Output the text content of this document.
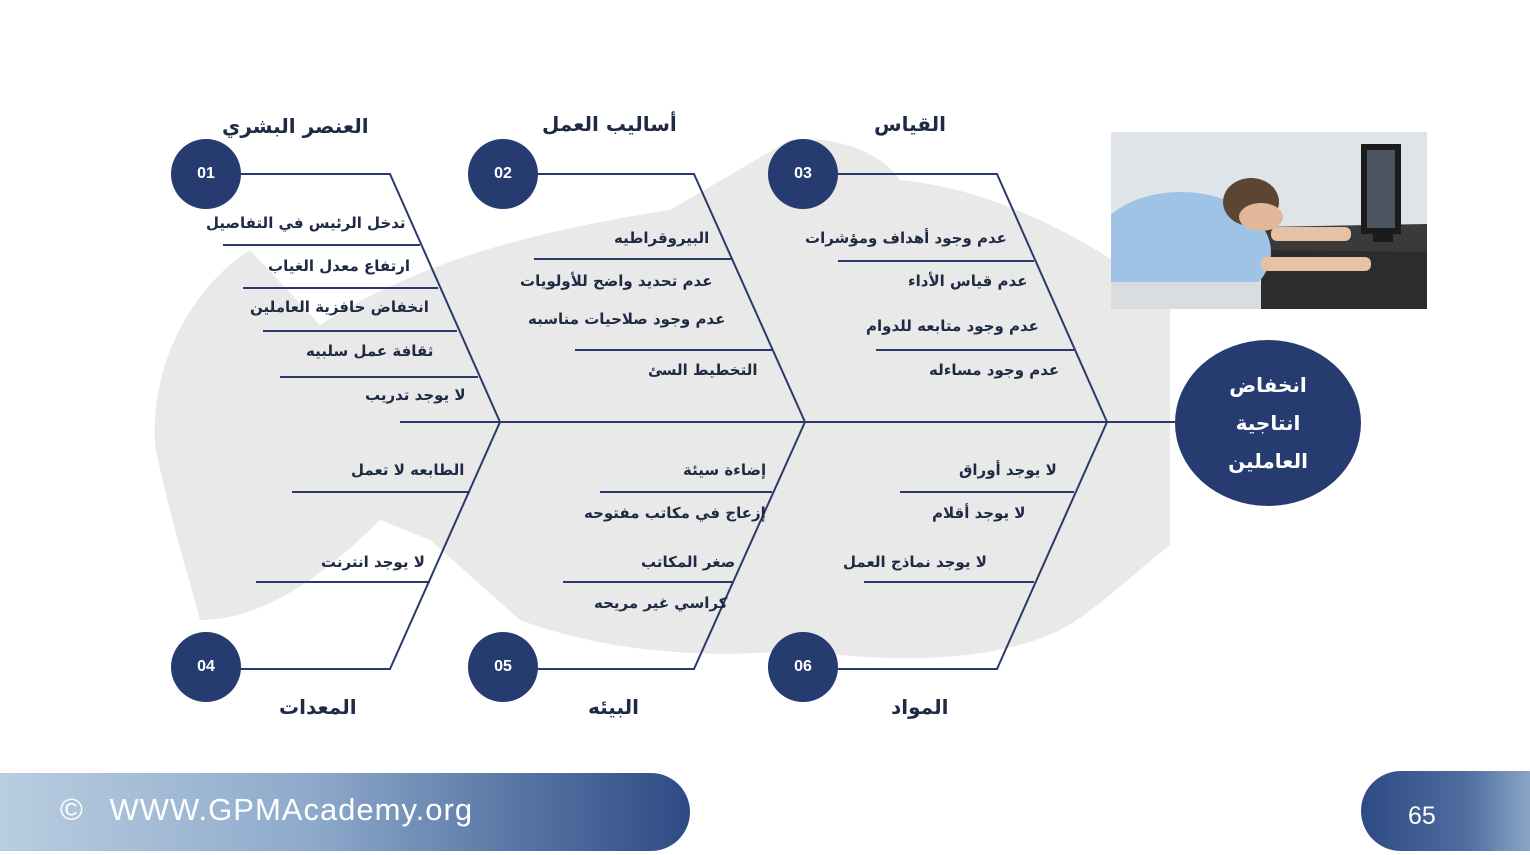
العنصر البشري	أساليب العمل	القياس
المعدات	البيئه	المواد
01	02	03
04	05	06
تدخل الرئيس في التفاصيل
ارتفاع معدل الغياب
انخفاض حافزية العاملين
ثقافة عمل سلبيه
لا يوجد تدريب
البيروقراطيه
عدم تحديد واضح للأولويات
عدم وجود صلاحيات مناسبه
التخطيط السئ
عدم وجود أهداف ومؤشرات
عدم قياس الأداء
عدم وجود متابعه للدوام
عدم وجود مساءله
الطابعه لا تعمل
لا يوجد انترنت
إضاءة سيئة
إزعاج في مكاتب مفتوحه
صغر المكاتب
كراسي غير مريحه
لا يوجد أوراق
لا يوجد أقلام
لا يوجد نماذج العمل
انخفاض
انتاجية
العاملين
© WWW.GPMAcademy.org	65
